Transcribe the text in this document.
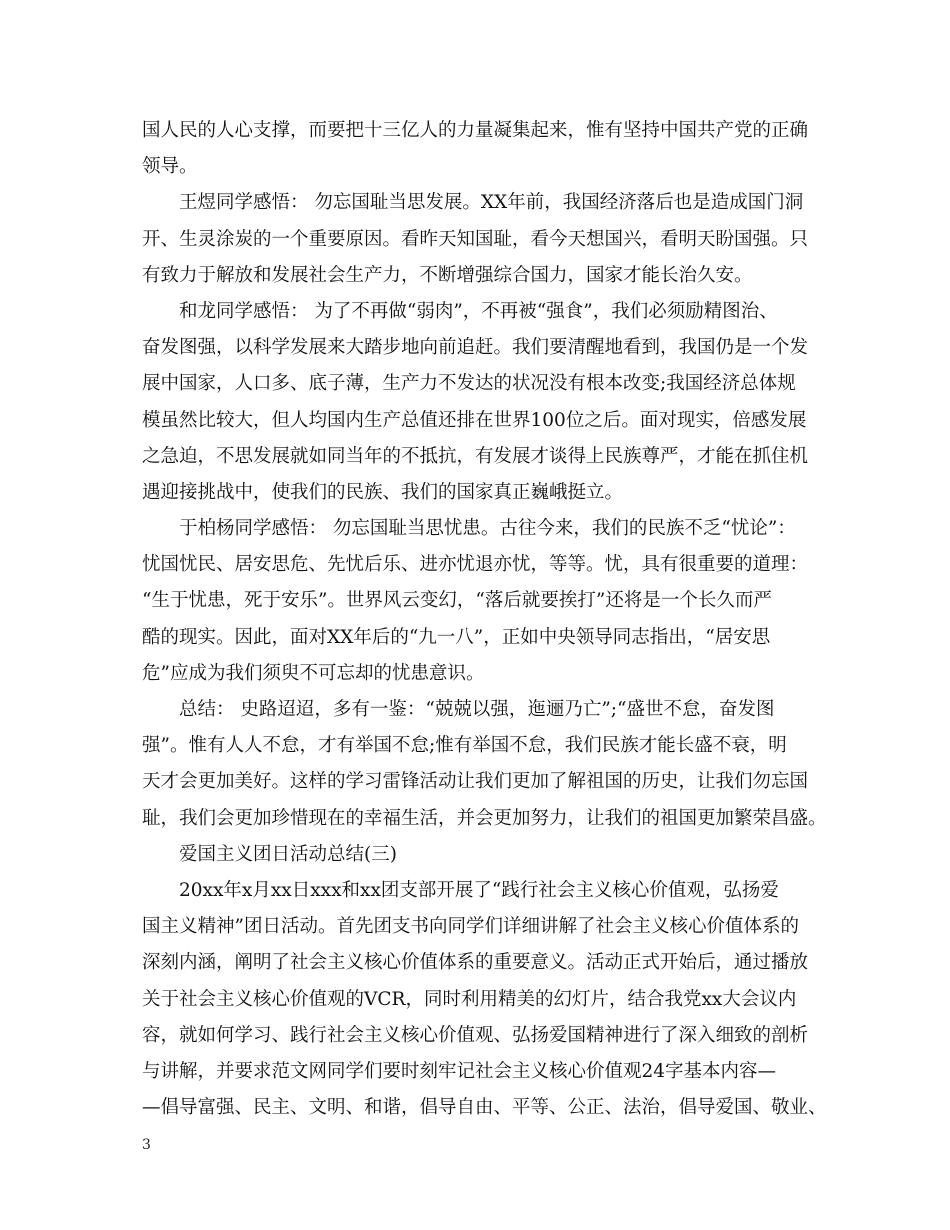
国人民的人心支撑，而要把十三亿人的力量凝集起来，惟有坚持中国共产党的正确
领导。
王煜同学感悟： 勿忘国耻当思发展。XX年前，我国经济落后也是造成国门洞
开、生灵涂炭的一个重要原因。看昨天知国耻，看今天想国兴，看明天盼国强。只
有致力于解放和发展社会生产力，不断增强综合国力，国家才能长治久安。
和龙同学感悟： 为了不再做“弱肉”，不再被“强食”，我们必须励精图治、
奋发图强，以科学发展来大踏步地向前追赶。我们要清醒地看到，我国仍是一个发
展中国家，人口多、底子薄，生产力不发达的状况没有根本改变;我国经济总体规
模虽然比较大，但人均国内生产总值还排在世界100位之后。面对现实，倍感发展
之急迫，不思发展就如同当年的不抵抗，有发展才谈得上民族尊严，才能在抓住机
遇迎接挑战中，使我们的民族、我们的国家真正巍峨挺立。
于柏杨同学感悟： 勿忘国耻当思忧患。古往今来，我们的民族不乏“忧论”：
忧国忧民、居安思危、先忧后乐、进亦忧退亦忧，等等。忧，具有很重要的道理：
“生于忧患，死于安乐”。世界风云变幻，“落后就要挨打”还将是一个长久而严
酷的现实。因此，面对XX年后的“九一八”，正如中央领导同志指出，“居安思
危”应成为我们须臾不可忘却的忧患意识。
总结： 史路迢迢，多有一鉴：“兢兢以强，迤逦乃亡”;“盛世不怠，奋发图
强”。惟有人人不怠，才有举国不怠;惟有举国不怠，我们民族才能长盛不衰，明
天才会更加美好。这样的学习雷锋活动让我们更加了解祖国的历史，让我们勿忘国
耻，我们会更加珍惜现在的幸福生活，并会更加努力，让我们的祖国更加繁荣昌盛。
爱国主义团日活动总结(三)
20xx年x月xx日xxx和xx团支部开展了“践行社会主义核心价值观，弘扬爱
国主义精神”团日活动。首先团支书向同学们详细讲解了社会主义核心价值体系的
深刻内涵，阐明了社会主义核心价值体系的重要意义。活动正式开始后，通过播放
关于社会主义核心价值观的VCR，同时利用精美的幻灯片，结合我党xx大会议内
容，就如何学习、践行社会主义核心价值观、弘扬爱国精神进行了深入细致的剖析
与讲解，并要求范文网同学们要时刻牢记社会主义核心价值观24字基本内容—
—倡导富强、民主、文明、和谐，倡导自由、平等、公正、法治，倡导爱国、敬业、
3
